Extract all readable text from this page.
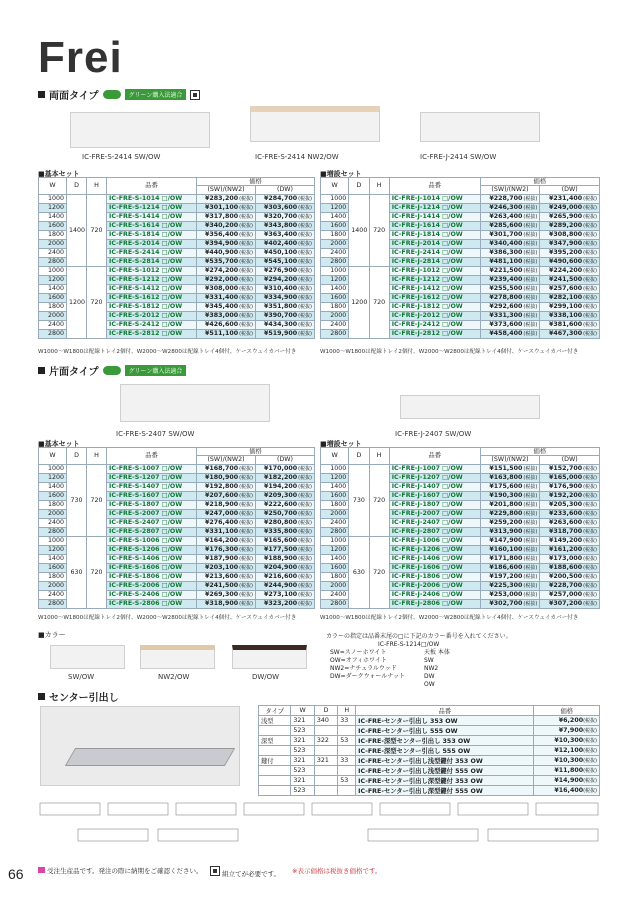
Frei
両面タイプ	グリーン購入法適合
IC-FRE-S-2414 SW/OW	IC-FRE-S-2414 NW2/OW	IC-FRE-J-2414 SW/OW
■基本セット	■増設セット
W	D	H	品番	価格	
				(SW)/(NW2)	(DW)
1000	1400	720	IC-FRE-S-1014 □/OW	¥283,200(税抜)	¥284,700(税抜)
1200			IC-FRE-S-1214 □/OW	¥301,100(税抜)	¥303,600(税抜)
1400			IC-FRE-S-1414 □/OW	¥317,800(税抜)	¥320,700(税抜)
1600			IC-FRE-S-1614 □/OW	¥340,200(税抜)	¥343,800(税抜)
1800			IC-FRE-S-1814 □/OW	¥356,400(税抜)	¥363,400(税抜)
2000			IC-FRE-S-2014 □/OW	¥394,900(税抜)	¥402,400(税抜)
2400			IC-FRE-S-2414 □/OW	¥440,900(税抜)	¥450,100(税抜)
2800			IC-FRE-S-2814 □/OW	¥535,700(税抜)	¥545,100(税抜)
1000	1200	720	IC-FRE-S-1012 □/OW	¥274,200(税抜)	¥276,900(税抜)
1200			IC-FRE-S-1212 □/OW	¥292,000(税抜)	¥294,200(税抜)
1400			IC-FRE-S-1412 □/OW	¥308,000(税抜)	¥310,400(税抜)
1600			IC-FRE-S-1612 □/OW	¥331,400(税抜)	¥334,900(税抜)
1800			IC-FRE-S-1812 □/OW	¥345,400(税抜)	¥351,800(税抜)
2000			IC-FRE-S-2012 □/OW	¥383,000(税抜)	¥390,700(税抜)
2400			IC-FRE-S-2412 □/OW	¥426,600(税抜)	¥434,300(税抜)
2800			IC-FRE-S-2812 □/OW	¥511,100(税抜)	¥519,900(税抜)
W	D	H	品番	価格	
				(SW)/(NW2)	(DW)
1000	1400	720	IC-FRE-J-1014 □/OW	¥228,700(税抜)	¥231,400(税抜)
1200			IC-FRE-J-1214 □/OW	¥246,300(税抜)	¥249,000(税抜)
1400			IC-FRE-J-1414 □/OW	¥263,400(税抜)	¥265,900(税抜)
1600			IC-FRE-J-1614 □/OW	¥285,600(税抜)	¥289,200(税抜)
1800			IC-FRE-J-1814 □/OW	¥301,700(税抜)	¥308,800(税抜)
2000			IC-FRE-J-2014 □/OW	¥340,400(税抜)	¥347,900(税抜)
2400			IC-FRE-J-2414 □/OW	¥386,300(税抜)	¥395,200(税抜)
2800			IC-FRE-J-2814 □/OW	¥481,100(税抜)	¥490,600(税抜)
1000	1200	720	IC-FRE-J-1012 □/OW	¥221,500(税抜)	¥224,200(税抜)
1200			IC-FRE-J-1212 □/OW	¥239,400(税抜)	¥241,500(税抜)
1400			IC-FRE-J-1412 □/OW	¥255,500(税抜)	¥257,600(税抜)
1600			IC-FRE-J-1612 □/OW	¥278,800(税抜)	¥282,100(税抜)
1800			IC-FRE-J-1812 □/OW	¥292,600(税抜)	¥299,100(税抜)
2000			IC-FRE-J-2012 □/OW	¥331,300(税抜)	¥338,100(税抜)
2400			IC-FRE-J-2412 □/OW	¥373,600(税抜)	¥381,600(税抜)
2800			IC-FRE-J-2812 □/OW	¥458,400(税抜)	¥467,300(税抜)
W1000〜W1800は配線トレイ2個付、W2000〜W2800は配線トレイ4個付、ケースウェイカバー付き	W1000〜W1800は配線トレイ2個付、W2000〜W2800は配線トレイ4個付、ケースウェイカバー付き
片面タイプ	グリーン購入法適合
IC-FRE-S-2407 SW/OW	IC-FRE-J-2407 SW/OW
■基本セット	■増設セット
W	D	H	品番	価格	
				(SW)/(NW2)	(DW)
1000	730	720	IC-FRE-S-1007 □/OW	¥168,700(税抜)	¥170,000(税抜)
1200			IC-FRE-S-1207 □/OW	¥180,900(税抜)	¥182,200(税抜)
1400			IC-FRE-S-1407 □/OW	¥192,800(税抜)	¥194,200(税抜)
1600			IC-FRE-S-1607 □/OW	¥207,600(税抜)	¥209,300(税抜)
1800			IC-FRE-S-1807 □/OW	¥218,900(税抜)	¥222,600(税抜)
2000			IC-FRE-S-2007 □/OW	¥247,000(税抜)	¥250,700(税抜)
2400			IC-FRE-S-2407 □/OW	¥276,400(税抜)	¥280,800(税抜)
2800			IC-FRE-S-2807 □/OW	¥331,100(税抜)	¥335,800(税抜)
1000	630	720	IC-FRE-S-1006 □/OW	¥164,200(税抜)	¥165,600(税抜)
1200			IC-FRE-S-1206 □/OW	¥176,300(税抜)	¥177,500(税抜)
1400			IC-FRE-S-1406 □/OW	¥187,900(税抜)	¥188,900(税抜)
1600			IC-FRE-S-1606 □/OW	¥203,100(税抜)	¥204,900(税抜)
1800			IC-FRE-S-1806 □/OW	¥213,600(税抜)	¥216,600(税抜)
2000			IC-FRE-S-2006 □/OW	¥241,500(税抜)	¥244,900(税抜)
2400			IC-FRE-S-2406 □/OW	¥269,300(税抜)	¥273,100(税抜)
2800			IC-FRE-S-2806 □/OW	¥318,900(税抜)	¥323,200(税抜)
W	D	H	品番	価格	
				(SW)/(NW2)	(DW)
1000	730	720	IC-FRE-J-1007 □/OW	¥151,500(税抜)	¥152,700(税抜)
1200			IC-FRE-J-1207 □/OW	¥163,800(税抜)	¥165,000(税抜)
1400			IC-FRE-J-1407 □/OW	¥175,600(税抜)	¥176,900(税抜)
1600			IC-FRE-J-1607 □/OW	¥190,300(税抜)	¥192,200(税抜)
1800			IC-FRE-J-1807 □/OW	¥201,800(税抜)	¥205,300(税抜)
2000			IC-FRE-J-2007 □/OW	¥229,800(税抜)	¥233,600(税抜)
2400			IC-FRE-J-2407 □/OW	¥259,200(税抜)	¥263,600(税抜)
2800			IC-FRE-J-2807 □/OW	¥313,900(税抜)	¥318,700(税抜)
1000	630	720	IC-FRE-J-1006 □/OW	¥147,900(税抜)	¥149,200(税抜)
1200			IC-FRE-J-1206 □/OW	¥160,100(税抜)	¥161,200(税抜)
1400			IC-FRE-J-1406 □/OW	¥171,800(税抜)	¥173,000(税抜)
1600			IC-FRE-J-1606 □/OW	¥186,600(税抜)	¥188,600(税抜)
1800			IC-FRE-J-1806 □/OW	¥197,200(税抜)	¥200,500(税抜)
2000			IC-FRE-J-2006 □/OW	¥225,300(税抜)	¥228,700(税抜)
2400			IC-FRE-J-2406 □/OW	¥253,000(税抜)	¥257,000(税抜)
2800			IC-FRE-J-2806 □/OW	¥302,700(税抜)	¥307,200(税抜)
W1000〜W1800は配線トレイ2個付、W2000〜W2800は配線トレイ4個付、ケースウェイカバー付き	W1000〜W1800は配線トレイ2個付、W2000〜W2800は配線トレイ4個付、ケースウェイカバー付き
■カラー
SW/OW	NW2/OW	DW/OW
カラーの指定は品番末尾の□に下記のカラー番号を入れてください。
IC-FRE-S-1214□/OW
天板 本体
SW=スノーホワイト
OW=オフィホワイト
NW2=ナチュラルウッド
DW=ダークウォールナット
SW
NW2
DW
OW
センター引出し
タイプ	W	D	H	品番	価格
浅型	321	340	33	IC-FRE-センター引出し 353 OW	¥6,200(税抜)
	523			IC-FRE-センター引出し 555 OW	¥7,900(税抜)
深型	321	322	53	IC-FRE-深型センター引出し 353 OW	¥10,300(税抜)
	523			IC-FRE-深型センター引出し 555 OW	¥12,100(税抜)
鍵付	321	321	33	IC-FRE-センター引出し浅型鍵付 353 OW	¥10,300(税抜)
	523			IC-FRE-センター引出し浅型鍵付 555 OW	¥11,800(税抜)
	321		53	IC-FRE-センター引出し深型鍵付 353 OW	¥14,900(税抜)
	523			IC-FRE-センター引出し深型鍵付 555 OW	¥16,400(税抜)
66	受注生産品です。発注の際に納期をご確認ください。	組立てが必要です。 ※表示価格は税抜き価格です。
